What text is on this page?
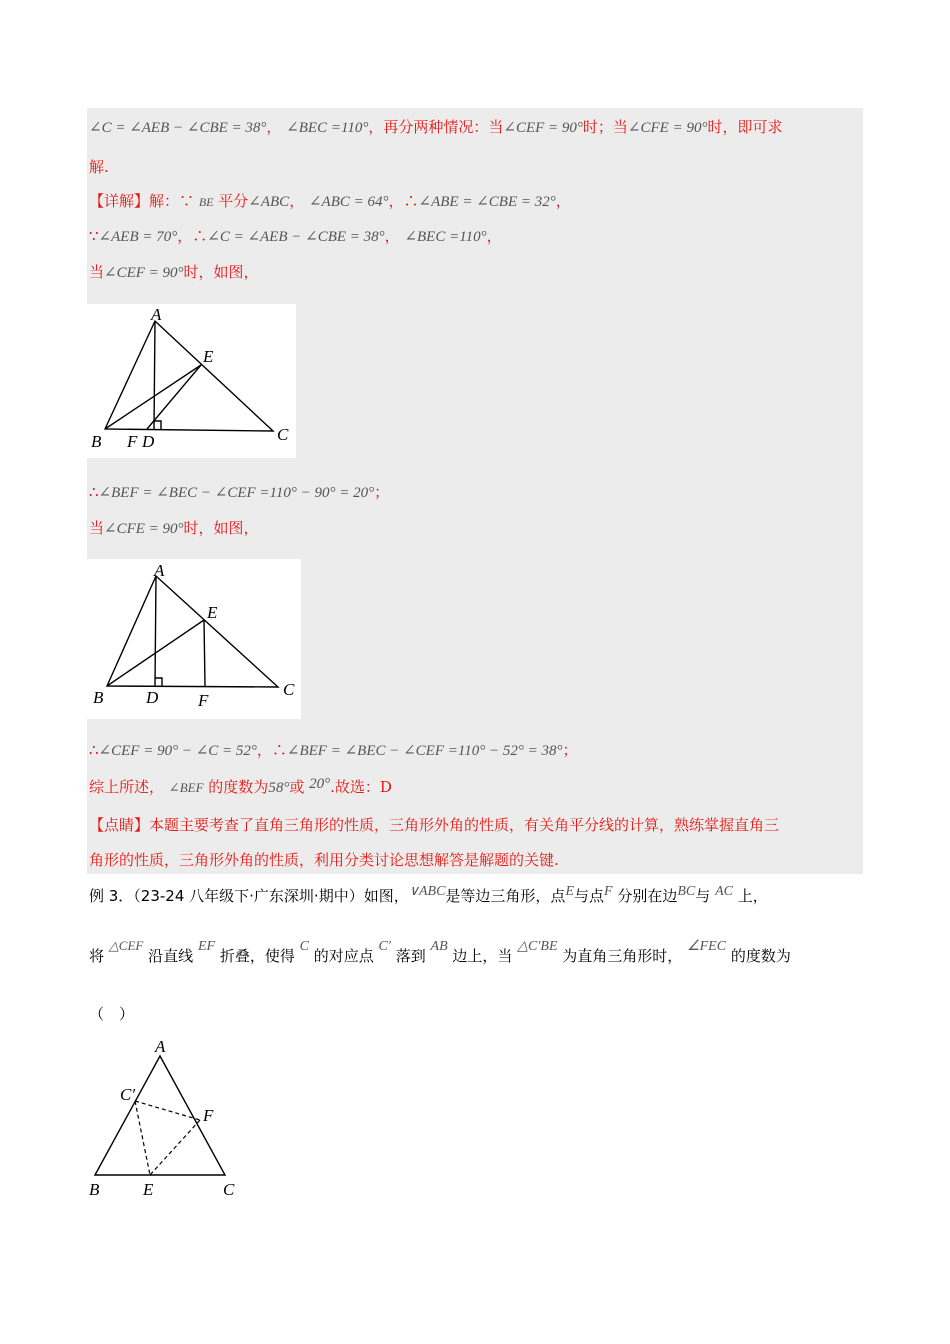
∠C = ∠AEB − ∠CBE = 38°， ∠BEC =110°，再分两种情况：当∠CEF = 90°时；当∠CFE = 90°时，即可求
解.
【详解】解：∵ BE 平分∠ABC， ∠ABC = 64°，∴∠ABE = ∠CBE = 32°，
∵∠AEB = 70°，∴∠C = ∠AEB − ∠CBE = 38°， ∠BEC =110°，
当∠CEF = 90°时，如图，
A
E
B F D	C
∴∠BEF = ∠BEC − ∠CEF =110° − 90° = 20°；
当∠CFE = 90°时，如图，
A
E
B	D F
C
∴∠CEF = 90° − ∠C = 52°，∴∠BEF = ∠BEC − ∠CEF =110° − 52° = 38°；
综上所述， ∠BEF 的度数为58°或 20°.故选：D
【点睛】本题主要考查了直角三角形的性质，三角形外角的性质，有关角平分线的计算，熟练掌握直角三
角形的性质，三角形外角的性质，利用分类讨论思想解答是解题的关键.
例 3．（23-24 八年级下·广东深圳·期中）如图，∨ABC是等边三角形，点E与点F 分别在边BC与 AC 上，
将 △CEF 沿直线 EF 折叠，使得 C 的对应点 C′ 落到 AB 边上，当 △C′BE 为直角三角形时， ∠FEC 的度数为
（　）
A
C′
F
B	E	C
